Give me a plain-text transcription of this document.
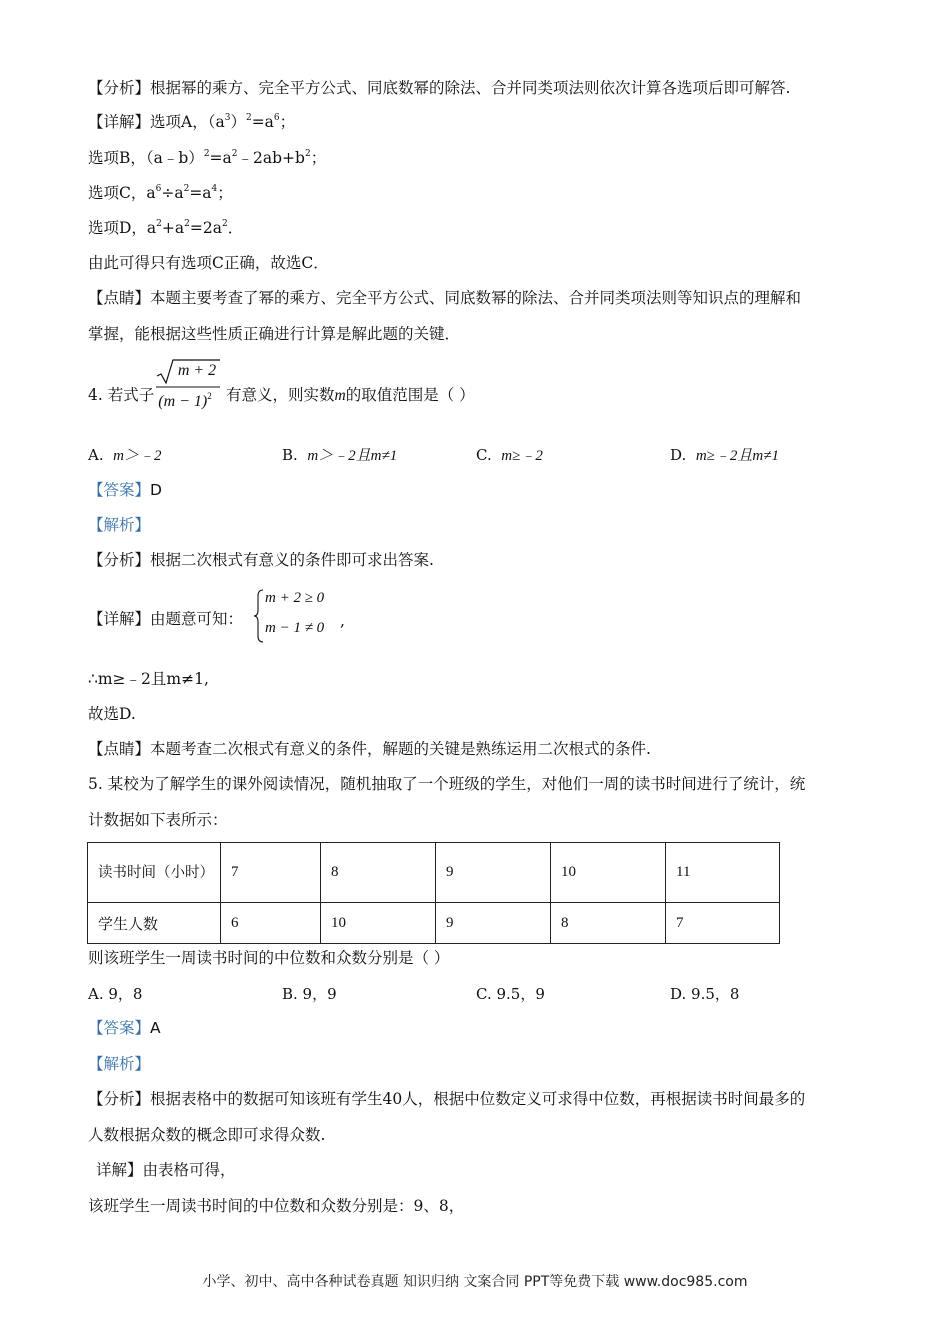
【分析】根据幂的乘方、完全平方公式、同底数幂的除法、合并同类项法则依次计算各选项后即可解答.
【详解】选项A，$(a^3)^2=a^6$；
选项B，$(a﹣b)^2=a^2﹣2ab+b^2$；
选项C，$a^6\div a^2=a^4$；
选项D，$a^2+a^2=2a^2$．
由此可得只有选项C正确，故选C．
【点睛】本题主要考查了幂的乘方、完全平方公式、同底数幂的除法、合并同类项法则等知识点的理解和
掌握，能根据这些性质正确进行计算是解此题的关键．
4. 若式子
m + 2
$(m - 1)^2$ 有意义，则实数m的取值范围是（ ）
A. m＞﹣2	B. m＞﹣2且m≠1	C. m≥﹣2	D. m≥﹣2且m≠1
【答案】D
【解析】
【分析】根据二次根式有意义的条件即可求出答案.
【详解】由题意可知：
m + 2 ≥ 0
m − 1 ≠ 0 ,
∴m≥﹣2且m≠1,
故选D.
【点睛】本题考查二次根式有意义的条件，解题的关键是熟练运用二次根式的条件.
5. 某校为了解学生的课外阅读情况，随机抽取了一个班级的学生，对他们一周的读书时间进行了统计，统
计数据如下表所示：
读书时间（小时）	7	8	9	10	11
学生人数	6	10	9	8	7
则该班学生一周读书时间的中位数和众数分别是（ ）
A. 9，8	B. 9，9	C. 9.5，9	D. 9.5，8
【答案】A
【解析】
【分析】根据表格中的数据可知该班有学生40人，根据中位数定义可求得中位数，再根据读书时间最多的
人数根据众数的概念即可求得众数.
详解】由表格可得，
该班学生一周读书时间的中位数和众数分别是：9、8，
小学、初中、高中各种试卷真题 知识归纳 文案合同 PPT等免费下载 www.doc985.com
